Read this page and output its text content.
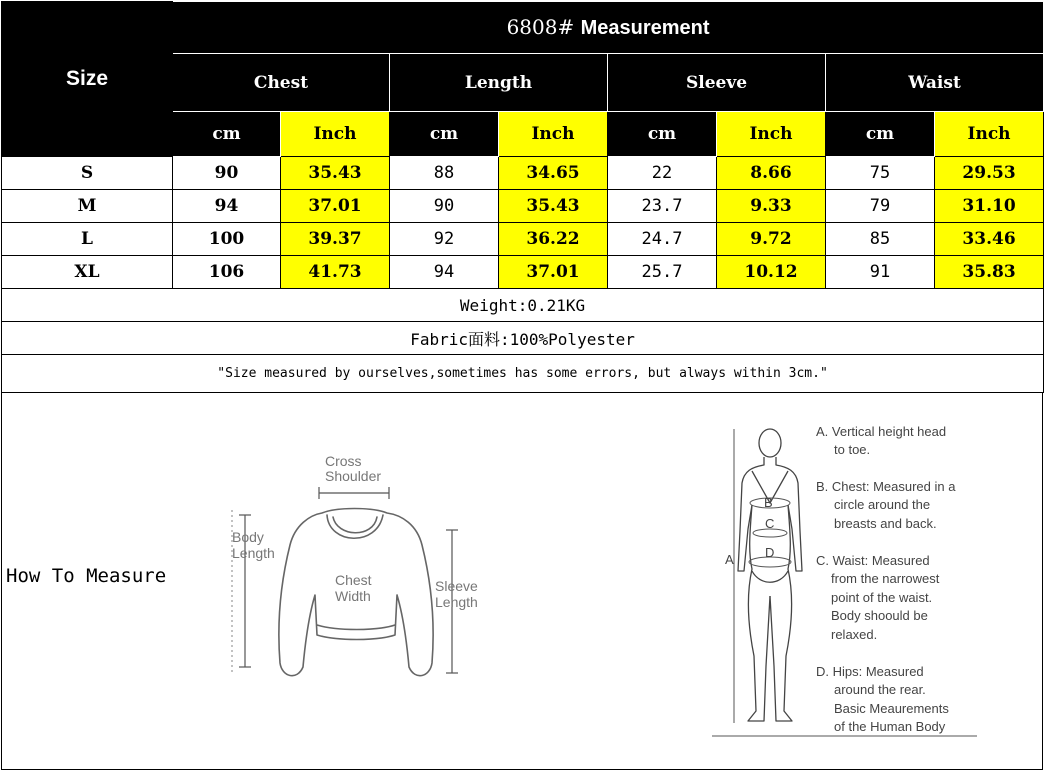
Size	6808# Measurement							
	Chest		Length		Sleeve		Waist	
	cm	Inch	cm	Inch	cm	Inch	cm	Inch
S	90	35.43	88	34.65	22	8.66	75	29.53
M	94	37.01	90	35.43	23.7	9.33	79	31.10
L	100	39.37	92	36.22	24.7	9.72	85	33.46
XL	106	41.73	94	37.01	25.7	10.12	91	35.83
Weight:0.21KG								
Fabric面料:100%Polyester								
"Size measured by ourselves,sometimes has some errors, but always within 3cm."								
How To Measure
Cross
Shoulder
Body
Length
Chest
Width
Sleeve
Length
B
C
D
A
A. Vertical height head
to toe.
B. Chest: Measured in a
circle around the
breasts and back.
C. Waist: Measured
from the narrowest
point of the waist.
Body shoould be
relaxed.
D. Hips: Measured
around the rear.
Basic Meaurements
of the Human Body
